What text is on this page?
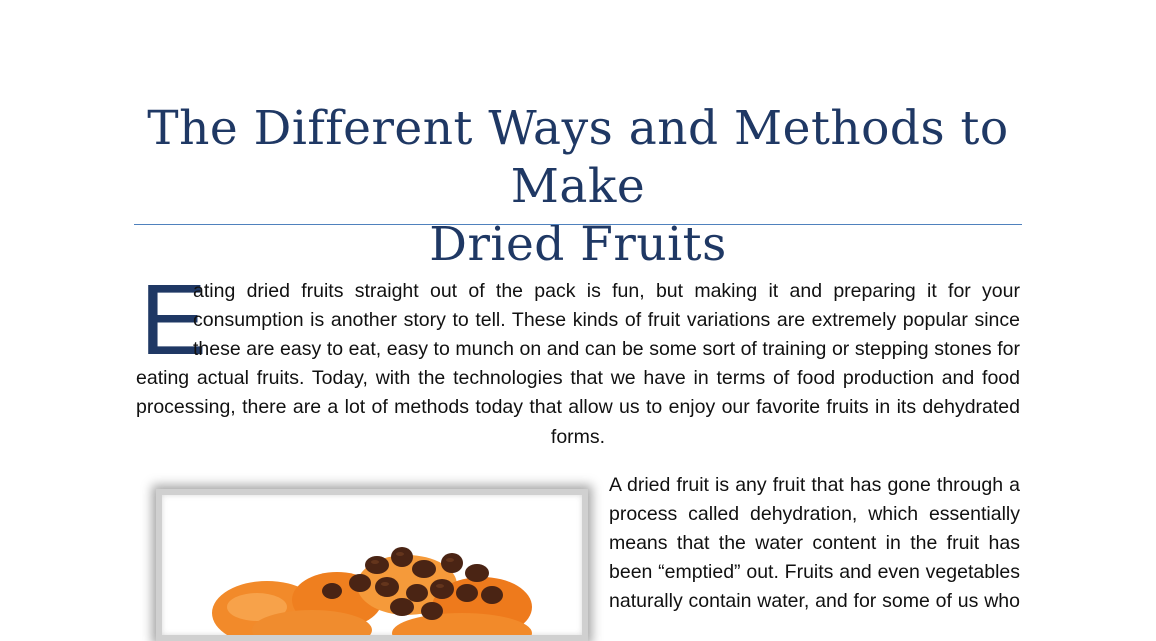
The Different Ways and Methods to Make
Dried Fruits
E
ating dried fruits straight out of the pack is fun, but making it and preparing it for your
consumption is another story to tell. These kinds of fruit variations are extremely popular since
these are easy to eat, easy to munch on and can be some sort of training or stepping stones for
eating actual fruits. Today, with the technologies that we have in terms of food production and food
processing, there are a lot of methods today that allow us to enjoy our favorite fruits in its dehydrated
forms.
A dried fruit is any fruit that has gone through a
process called dehydration, which essentially
means that the water content in the fruit has
been “emptied” out. Fruits and even vegetables
naturally contain water, and for some of us who
